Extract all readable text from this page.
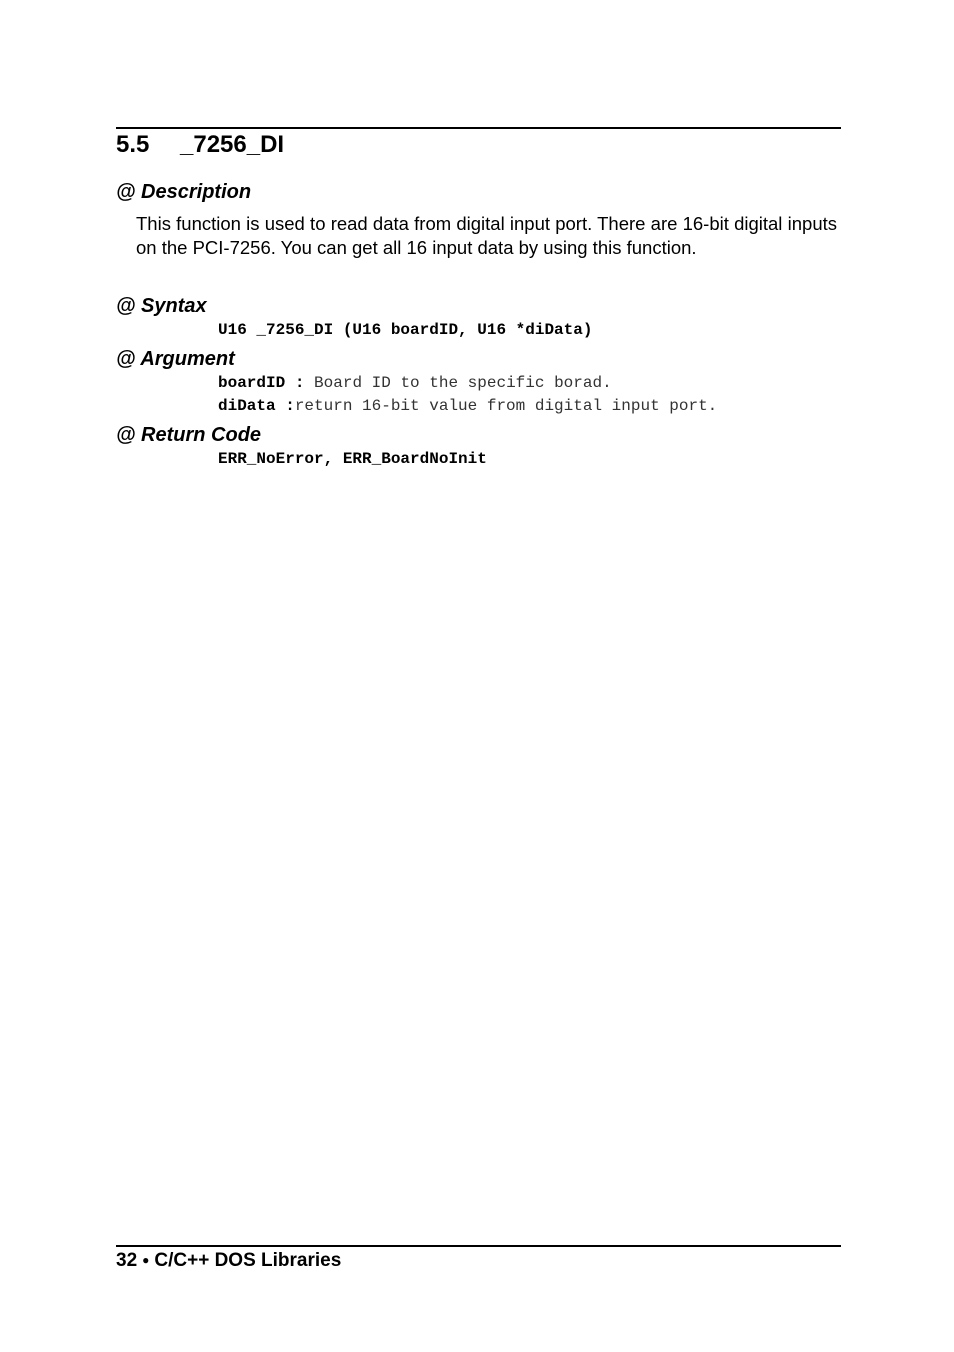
5.5 _7256_DI
@ Description
This function is used to read data from digital input port. There are 16-bit digital inputs on the PCI-7256. You can get all 16 input data by using this function.
@ Syntax
U16 _7256_DI (U16 boardID, U16 *diData)
@ Argument
boardID : Board ID to the specific borad.
diData :return 16-bit value from digital input port.
@ Return Code
ERR_NoError, ERR_BoardNoInit
32 ● C/C++ DOS Libraries
